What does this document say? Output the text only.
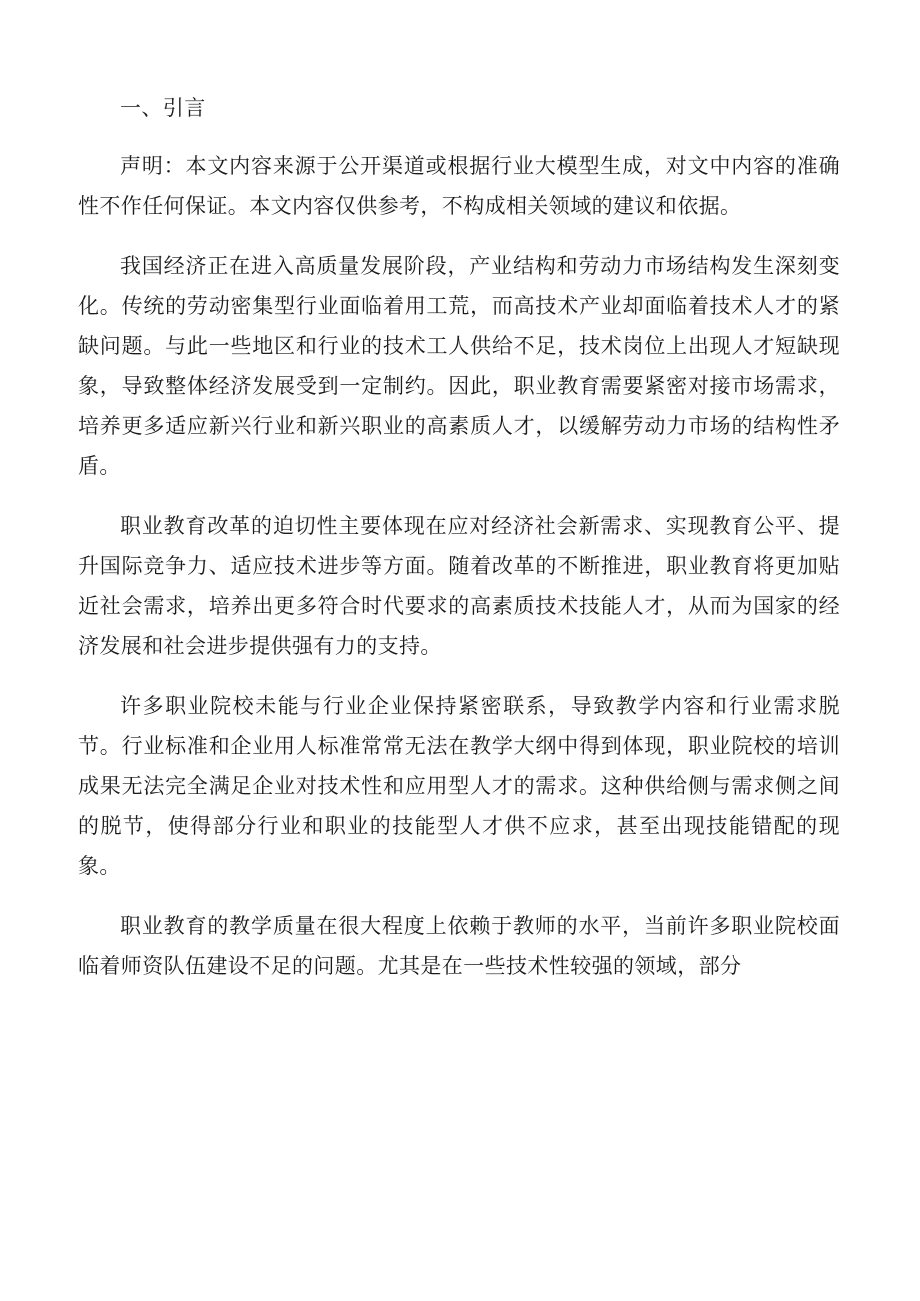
一、引言

声明：本文内容来源于公开渠道或根据行业大模型生成，对文中内容的准确性不作任何保证。本文内容仅供参考，不构成相关领域的建议和依据。

我国经济正在进入高质量发展阶段，产业结构和劳动力市场结构发生深刻变化。传统的劳动密集型行业面临着用工荒，而高技术产业却面临着技术人才的紧缺问题。与此一些地区和行业的技术工人供给不足，技术岗位上出现人才短缺现象，导致整体经济发展受到一定制约。因此，职业教育需要紧密对接市场需求，培养更多适应新兴行业和新兴职业的高素质人才，以缓解劳动力市场的结构性矛盾。

职业教育改革的迫切性主要体现在应对经济社会新需求、实现教育公平、提升国际竞争力、适应技术进步等方面。随着改革的不断推进，职业教育将更加贴近社会需求，培养出更多符合时代要求的高素质技术技能人才，从而为国家的经济发展和社会进步提供强有力的支持。

许多职业院校未能与行业企业保持紧密联系，导致教学内容和行业需求脱节。行业标准和企业用人标准常常无法在教学大纲中得到体现，职业院校的培训成果无法完全满足企业对技术性和应用型人才的需求。这种供给侧与需求侧之间的脱节，使得部分行业和职业的技能型人才供不应求，甚至出现技能错配的现象。

职业教育的教学质量在很大程度上依赖于教师的水平，当前许多职业院校面临着师资队伍建设不足的问题。尤其是在一些技术性较强的领域，部分
